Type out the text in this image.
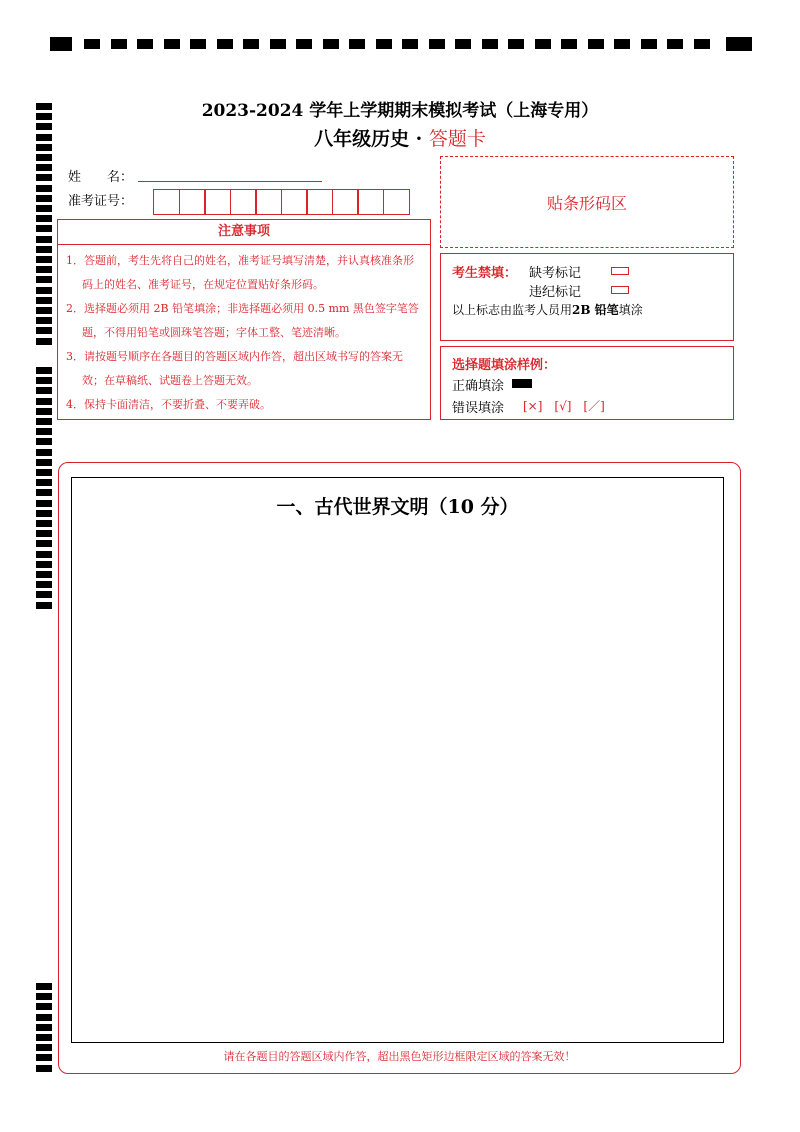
2023-2024 学年上学期期末模拟考试（上海专用）
八年级历史 · 答题卡
姓　　名：
准考证号：	贴条形码区
注意事项

1．答题前，考生先将自己的姓名，准考证号填写清楚，并认真核准条形码上的姓名、准考证号，在规定位置贴好条形码。

2．选择题必须用 2B 铅笔填涂；非选择题必须用 0.5 mm 黑色签字笔答题，不得用铅笔或圆珠笔答题；字体工整、笔迹清晰。

3．请按题号顺序在各题目的答题区域内作答，超出区域书写的答案无效；在草稿纸、试题卷上答题无效。

4．保持卡面清洁，不要折叠、不要弄破。

考生禁填： 缺考标记
违纪标记
以上标志由监考人员用2B 铅笔填涂
选择题填涂样例：
正确填涂
错误填涂 [×]　[√]　[／]
一、古代世界文明（10 分）
请在各题目的答题区域内作答，超出黑色矩形边框限定区域的答案无效！
